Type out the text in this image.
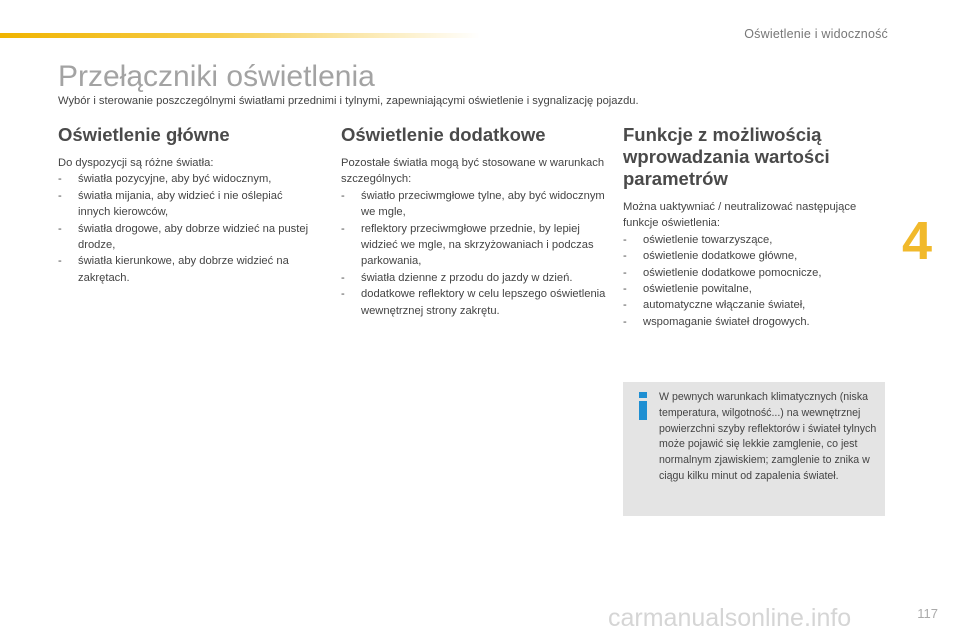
Oświetlenie i widoczność
Przełączniki oświetlenia

Wybór i sterowanie poszczególnymi światłami przednimi i tylnymi, zapewniającymi oświetlenie i sygnalizację pojazdu.

4
Oświetlenie główne

Do dyspozycji są różne światła:

- światła pozycyjne, aby być widocznym,
- światła mijania, aby widzieć i nie oślepiać innych kierowców,
- światła drogowe, aby dobrze widzieć na pustej drodze,
- światła kierunkowe, aby dobrze widzieć na zakrętach.
Oświetlenie dodatkowe

Pozostałe światła mogą być stosowane w warunkach szczególnych:

- światło przeciwmgłowe tylne, aby być widocznym we mgle,
- reflektory przeciwmgłowe przednie, by lepiej widzieć we mgle, na skrzyżowaniach i podczas parkowania,
- światła dzienne z przodu do jazdy w dzień.
- dodatkowe reflektory w celu lepszego oświetlenia wewnętrznej strony zakrętu.
Funkcje z możliwością wprowadzania wartości parametrów

Można uaktywniać / neutralizować następujące funkcje oświetlenia:

- oświetlenie towarzyszące,
- oświetlenie dodatkowe główne,
- oświetlenie dodatkowe pomocnicze,
- oświetlenie powitalne,
- automatyczne włączanie świateł,
- wspomaganie świateł drogowych.
W pewnych warunkach klimatycznych (niska temperatura, wilgotność...) na wewnętrznej powierzchni szyby reflektorów i świateł tylnych może pojawić się lekkie zamglenie, co jest normalnym zjawiskiem; zamglenie to znika w ciągu kilku minut od zapalenia świateł.
carmanualsonline.info	117
